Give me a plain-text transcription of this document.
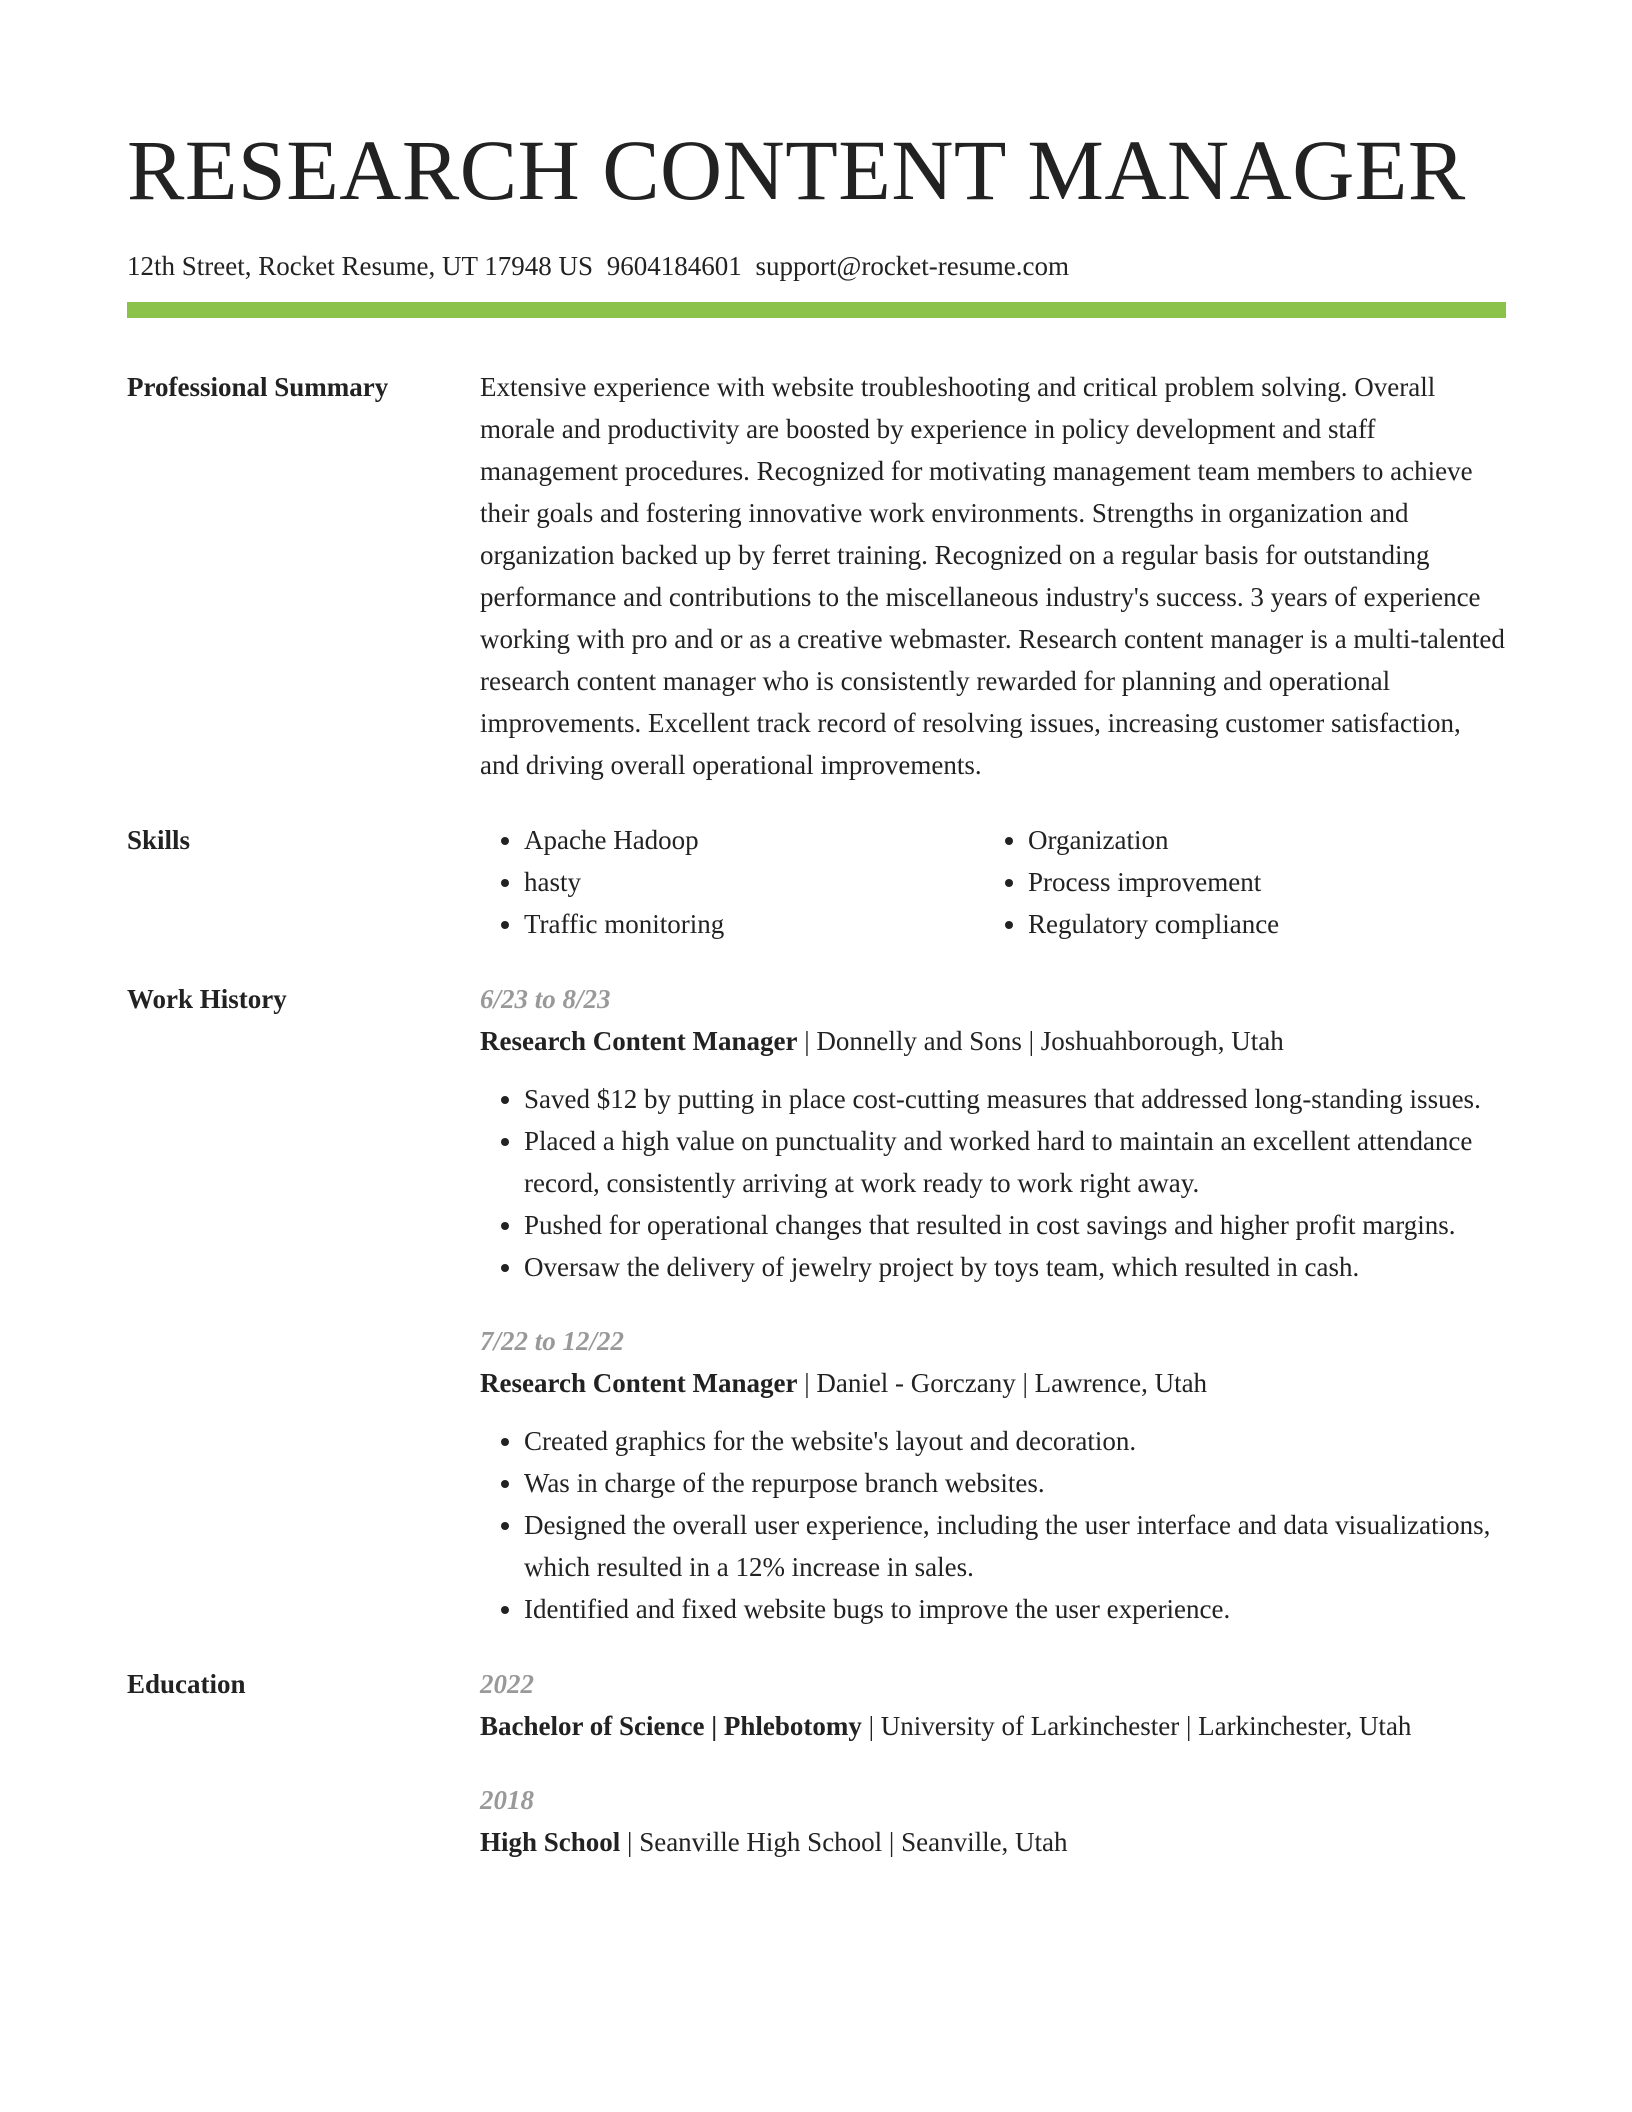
RESEARCH CONTENT MANAGER
12th Street, Rocket Resume, UT 17948 US 9604184601 support@rocket-resume.com
Professional Summary	Extensive experience with website troubleshooting and critical problem solving. Overall morale and productivity are boosted by experience in policy development and staff management procedures. Recognized for motivating management team members to achieve their goals and fostering innovative work environments. Strengths in organization and organization backed up by ferret training. Recognized on a regular basis for outstanding performance and contributions to the miscellaneous industry's success. 3 years of experience working with pro and or as a creative webmaster. Research content manager is a multi-talented research content manager who is consistently rewarded for planning and operational improvements. Excellent track record of resolving issues, increasing customer satisfaction, and driving overall operational improvements.

Skills
•	Apache Hadoop
• hasty
• Traffic monitoring
• Organization
• Process improvement
• Regulatory compliance
Work History	6/23 to 8/23
Research Content Manager | Donnelly and Sons | Joshuahborough, Utah
• Saved $12 by putting in place cost-cutting measures that addressed long-standing issues.
• Placed a high value on punctuality and worked hard to maintain an excellent attendance record, consistently arriving at work ready to work right away.
• Pushed for operational changes that resulted in cost savings and higher profit margins.
• Oversaw the delivery of jewelry project by toys team, which resulted in cash.
7/22 to 12/22
Research Content Manager | Daniel - Gorczany | Lawrence, Utah
• Created graphics for the website's layout and decoration.
• Was in charge of the repurpose branch websites.
• Designed the overall user experience, including the user interface and data visualizations, which resulted in a 12% increase in sales.
• Identified and fixed website bugs to improve the user experience.
Education	2022
Bachelor of Science | Phlebotomy | University of Larkinchester | Larkinchester, Utah
2018
High School | Seanville High School | Seanville, Utah
